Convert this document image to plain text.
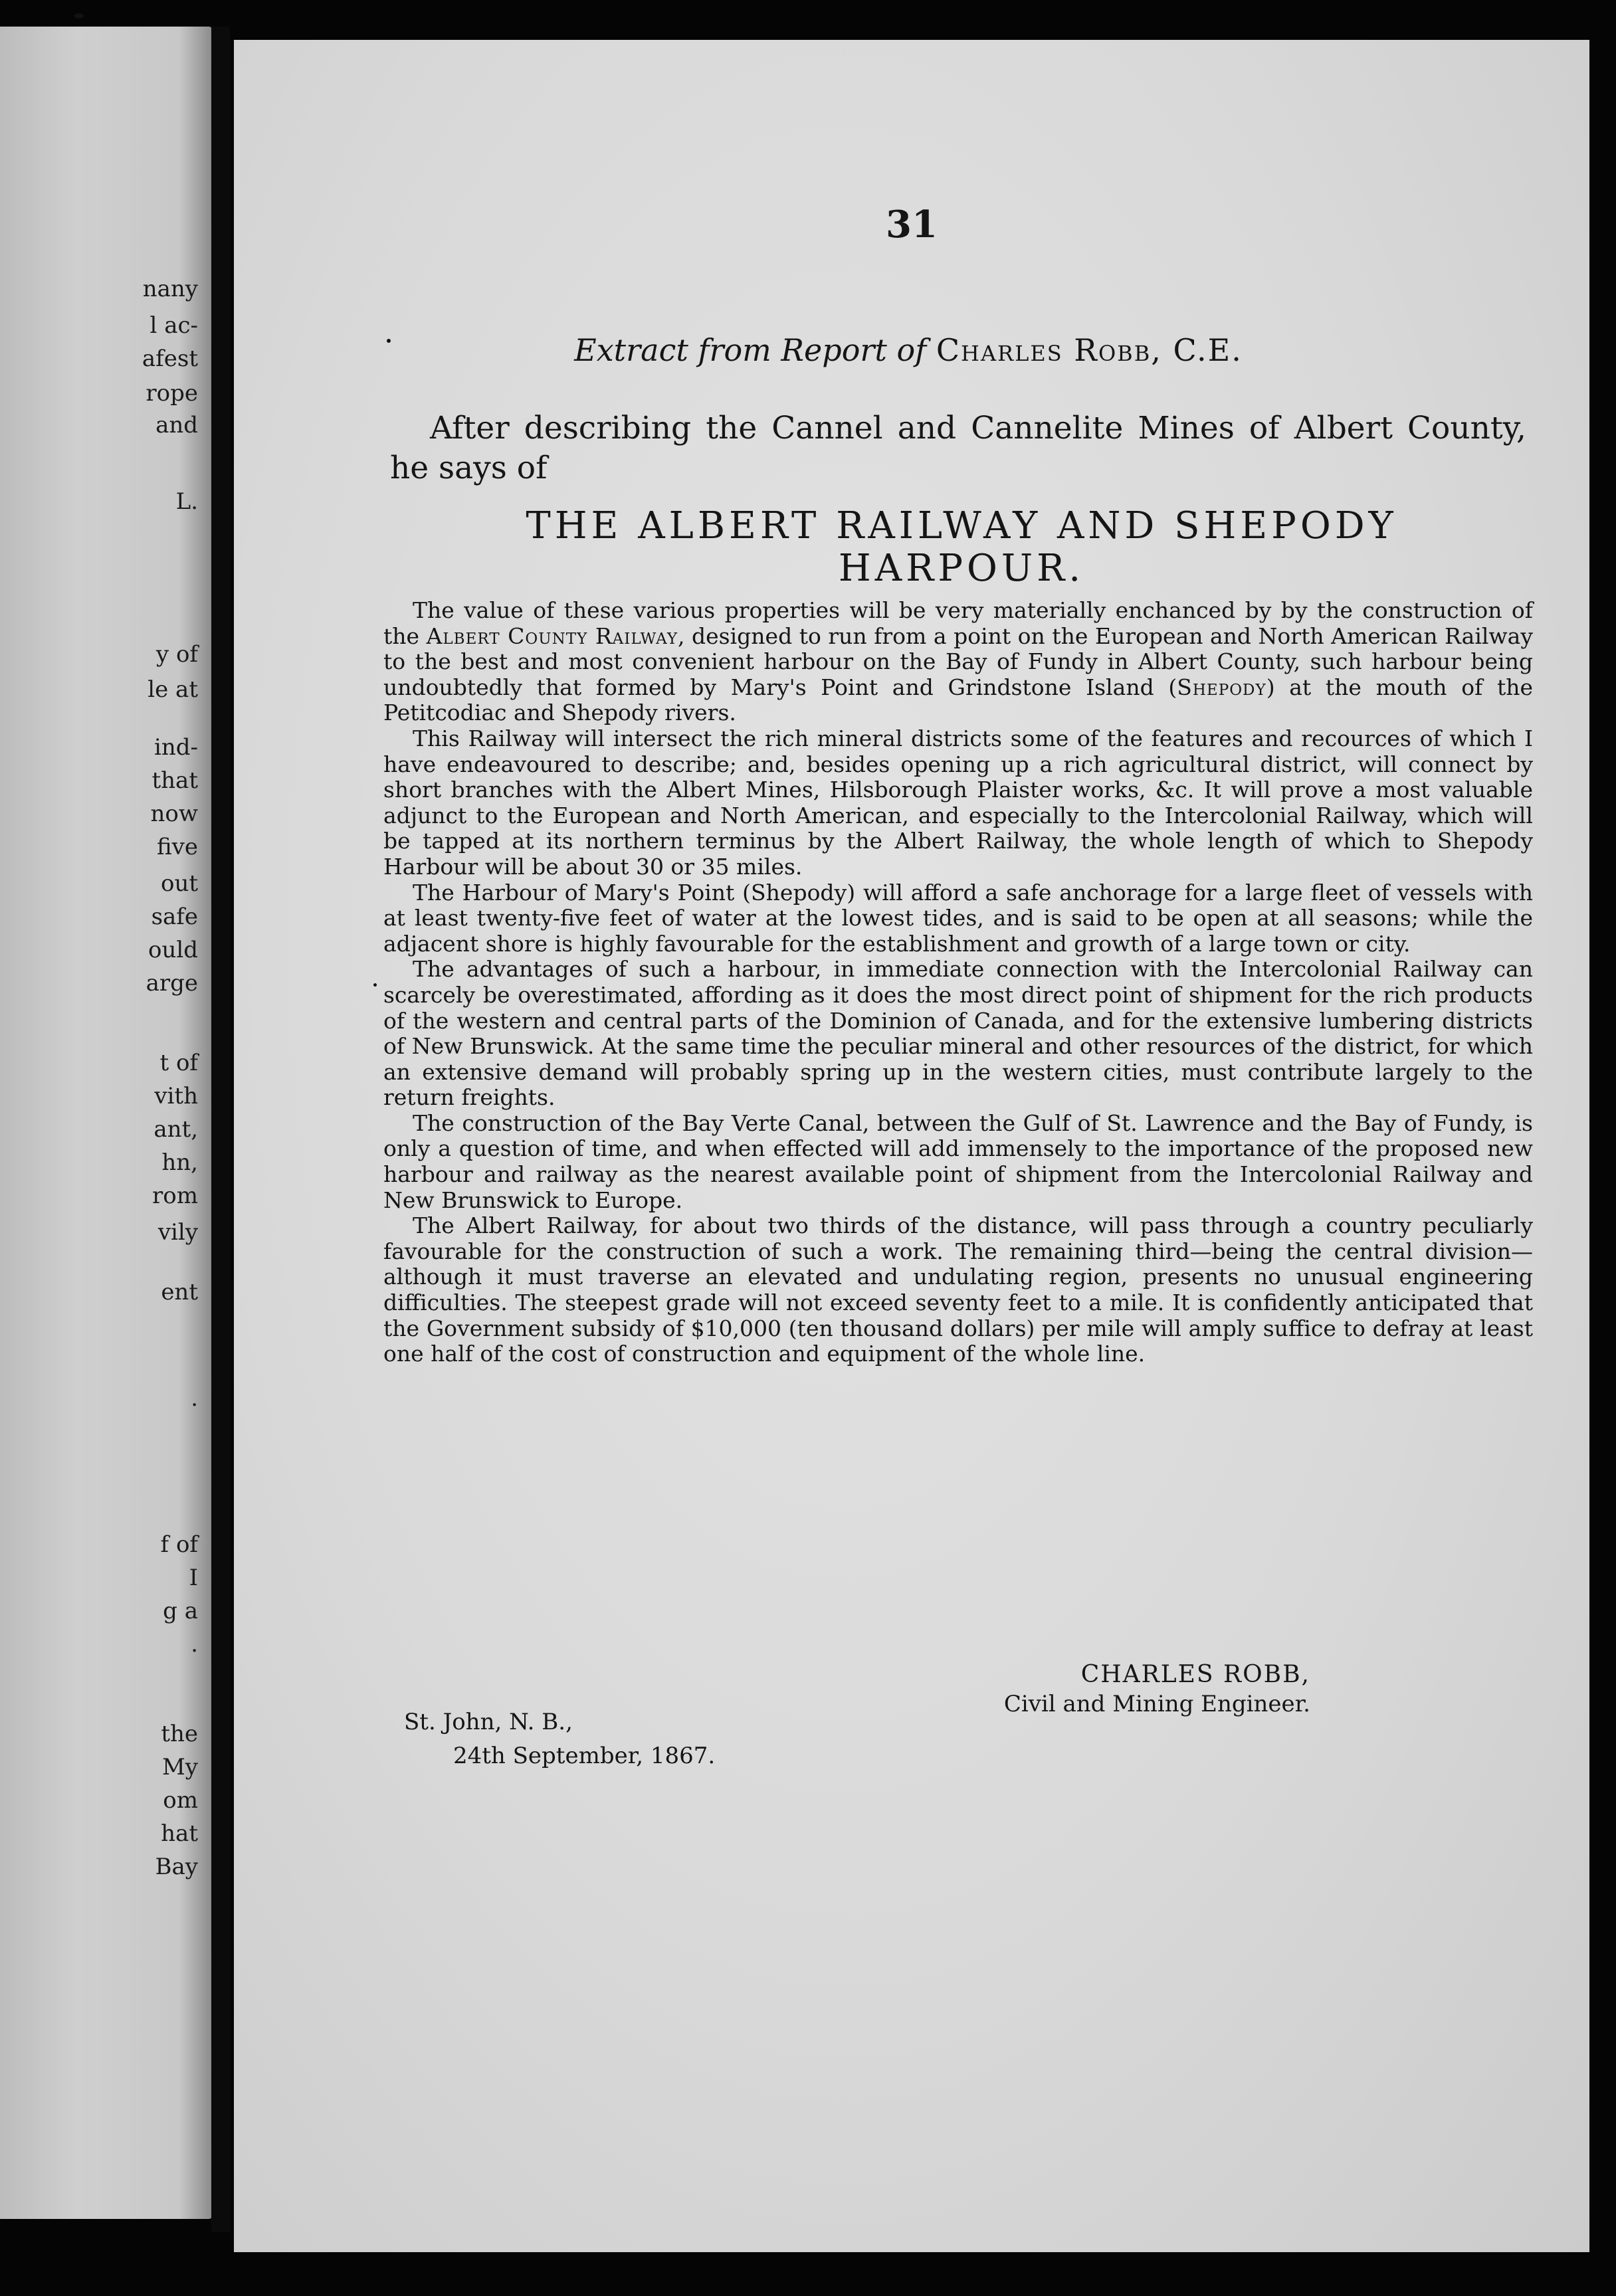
nany
l ac-
afest
rope
and
L.
y of
le at
ind-
that
now
five
out
safe
ould
arge
t of
vith
ant,
hn,
rom
vily
ent
.
f of
I
g a
·
the
My
om
hat
Bay
31
Extract from Report of Charles Robb, C.E.
After describing the Cannel and Cannelite Mines of Albert County, he says of
THE ALBERT RAILWAY AND SHEPODY
HARPOUR.

The value of these various properties will be very materially enchanced by by the construction of the Albert County Railway, designed to run from a point on the European and North American Railway to the best and most convenient harbour on the Bay of Fundy in Albert County, such harbour being undoubtedly that formed by Mary's Point and Grindstone Island (Shepody) at the mouth of the Petitcodiac and Shepody rivers.

This Railway will intersect the rich mineral districts some of the features and recources of which I have endeavoured to describe; and, besides opening up a rich agricultural district, will connect by short branches with the Albert Mines, Hilsborough Plaister works, &c. It will prove a most valuable adjunct to the European and North American, and especially to the Intercolonial Railway, which will be tapped at its northern terminus by the Albert Railway, the whole length of which to Shepody Harbour will be about 30 or 35 miles.

The Harbour of Mary's Point (Shepody) will afford a safe anchorage for a large fleet of vessels with at least twenty-five feet of water at the lowest tides, and is said to be open at all seasons; while the adjacent shore is highly favourable for the establishment and growth of a large town or city.

The advantages of such a harbour, in immediate connection with the Intercolonial Railway can scarcely be overestimated, affording as it does the most direct point of shipment for the rich products of the western and central parts of the Dominion of Canada, and for the extensive lumbering districts of New Brunswick. At the same time the peculiar mineral and other resources of the district, for which an extensive demand will probably spring up in the western cities, must contribute largely to the return freights.

The construction of the Bay Verte Canal, between the Gulf of St. Lawrence and the Bay of Fundy, is only a question of time, and when effected will add immensely to the importance of the proposed new harbour and railway as the nearest available point of shipment from the Intercolonial Railway and New Brunswick to Europe.

The Albert Railway, for about two thirds of the distance, will pass through a country peculiarly favourable for the construction of such a work. The remaining third—being the central division—although it must traverse an elevated and undulating region, presents no unusual engineering difficulties. The steepest grade will not exceed seventy feet to a mile. It is confidently anticipated that the Government subsidy of $10,000 (ten thousand dollars) per mile will amply suffice to defray at least one half of the cost of construction and equipment of the whole line.

CHARLES ROBB,
Civil and Mining Engineer.
St. John, N. B.,
24th September, 1867.
